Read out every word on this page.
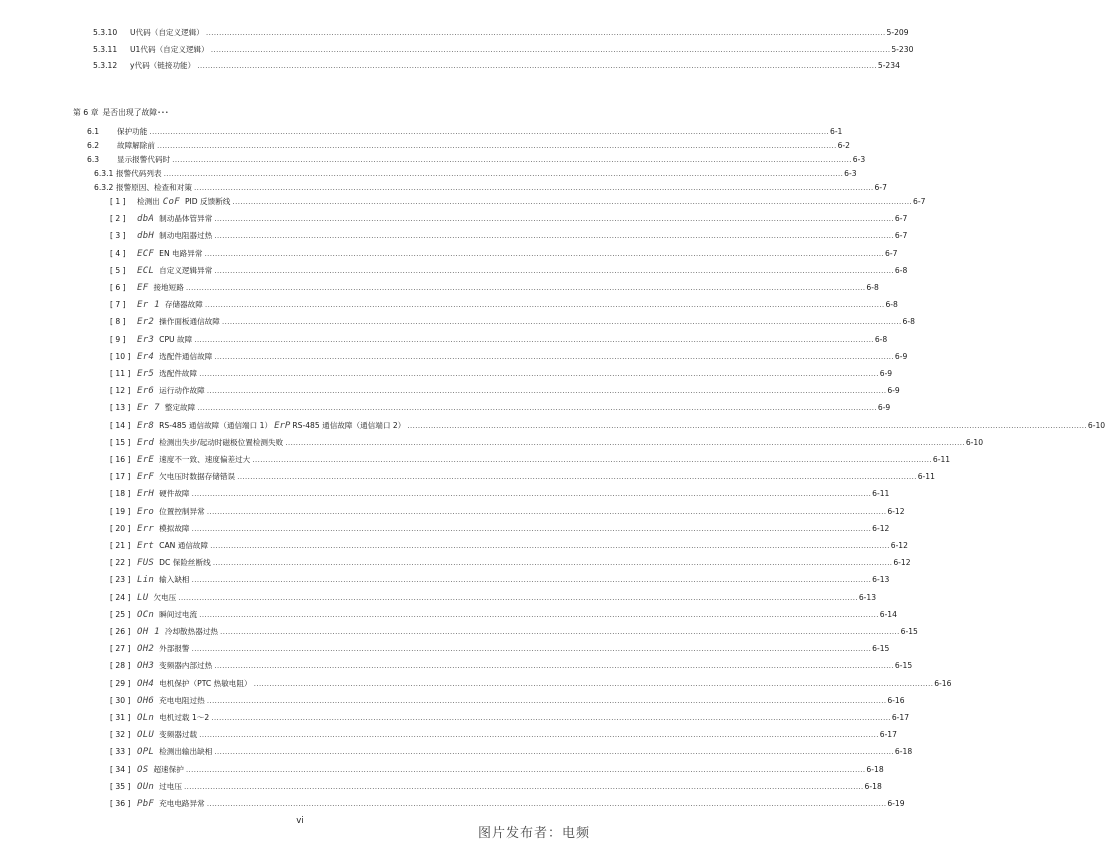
第 6 章 是否出现了故障･･･
5.3.10	U代码（自定义逻辑） .................................................................................................................................................................................................................................................................... 5-209
5.3.11	U1代码（自定义逻辑） .................................................................................................................................................................................................................................................................... 5-230
5.3.12	y代码（链接功能） .................................................................................................................................................................................................................................................................... 5-234
6.1	保护功能 .................................................................................................................................................................................................................................................................... 6-1
6.2	故障解除前 .................................................................................................................................................................................................................................................................... 6-2
6.3	显示报警代码时 .................................................................................................................................................................................................................................................................... 6-3
6.3.1 报警代码列表 .................................................................................................................................................................................................................................................................... 6-3
6.3.2 报警原因、检查和对策 .................................................................................................................................................................................................................................................................... 6-7
[ 1 ]	检测出 CoF PID 反馈断线 .................................................................................................................................................................................................................................................................... 6-7
[ 2 ]	dbA 制动晶体管异常 .................................................................................................................................................................................................................................................................... 6-7
[ 3 ]	dbH 制动电阻器过热 .................................................................................................................................................................................................................................................................... 6-7
[ 4 ]	ECF EN 电路异常 .................................................................................................................................................................................................................................................................... 6-7
[ 5 ]	ECL 自定义逻辑异常 .................................................................................................................................................................................................................................................................... 6-8
[ 6 ]	EF 接地短路 .................................................................................................................................................................................................................................................................... 6-8
[ 7 ]	Er 1 存储器故障 .................................................................................................................................................................................................................................................................... 6-8
[ 8 ]	Er2 操作面板通信故障 .................................................................................................................................................................................................................................................................... 6-8
[ 9 ]	Er3 CPU 故障 .................................................................................................................................................................................................................................................................... 6-8
[ 10 ] Er4 选配件通信故障 .................................................................................................................................................................................................................................................................... 6-9
[ 11 ] Er5 选配件故障 .................................................................................................................................................................................................................................................................... 6-9
[ 12 ] Er6 运行动作故障 .................................................................................................................................................................................................................................................................... 6-9
[ 13 ] Er 7 整定故障 .................................................................................................................................................................................................................................................................... 6-9
[ 14 ] Er8 RS-485 通信故障（通信端口 1） ErP RS-485 通信故障（通信端口 2） .................................................................................................................................................................................................................................................................... 6-10
[ 15 ] Erd 检测出失步/起动时磁极位置检测失败 .................................................................................................................................................................................................................................................................... 6-10
[ 16 ] ErE 速度不一致、速度偏差过大 .................................................................................................................................................................................................................................................................... 6-11
[ 17 ] ErF 欠电压时数据存储错误 .................................................................................................................................................................................................................................................................... 6-11
[ 18 ] ErH 硬件故障 .................................................................................................................................................................................................................................................................... 6-11
[ 19 ] Ero 位置控制异常 .................................................................................................................................................................................................................................................................... 6-12
[ 20 ] Err 模拟故障 .................................................................................................................................................................................................................................................................... 6-12
[ 21 ] Ert CAN 通信故障 .................................................................................................................................................................................................................................................................... 6-12
[ 22 ] FUS DC 保险丝断线 .................................................................................................................................................................................................................................................................... 6-12
[ 23 ] Lin 输入缺相 .................................................................................................................................................................................................................................................................... 6-13
[ 24 ] LU 欠电压 .................................................................................................................................................................................................................................................................... 6-13
[ 25 ] OCn 瞬间过电流 .................................................................................................................................................................................................................................................................... 6-14
[ 26 ] OH 1 冷却散热器过热 .................................................................................................................................................................................................................................................................... 6-15
[ 27 ] OH2 外部报警 .................................................................................................................................................................................................................................................................... 6-15
[ 28 ] OH3 变频器内部过热 .................................................................................................................................................................................................................................................................... 6-15
[ 29 ] OH4 电机保护（PTC 热敏电阻） .................................................................................................................................................................................................................................................................... 6-16
[ 30 ] OH6 充电电阻过热 .................................................................................................................................................................................................................................................................... 6-16
[ 31 ] OLn 电机过载 1～2 .................................................................................................................................................................................................................................................................... 6-17
[ 32 ] OLU 变频器过载 .................................................................................................................................................................................................................................................................... 6-17
[ 33 ] OPL 检测出输出缺相 .................................................................................................................................................................................................................................................................... 6-18
[ 34 ] OS 超速保护 .................................................................................................................................................................................................................................................................... 6-18
[ 35 ] OUn 过电压 .................................................................................................................................................................................................................................................................... 6-18
[ 36 ] PbF 充电电路异常 .................................................................................................................................................................................................................................................................... 6-19
vi
图片发布者：电频
